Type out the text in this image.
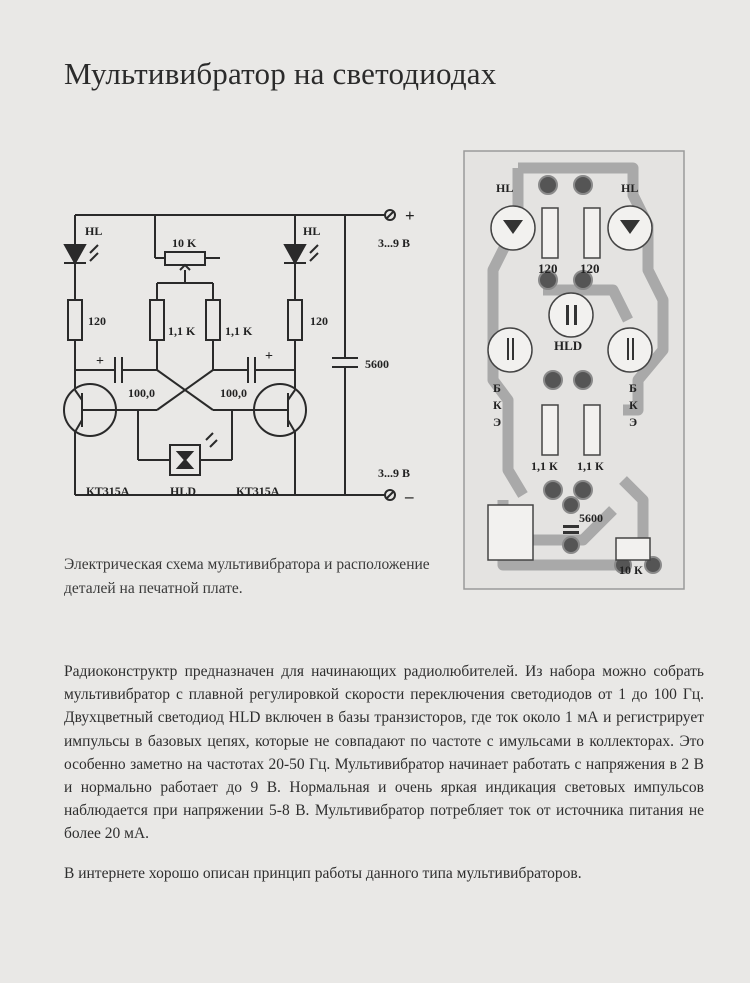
Мультивибратор на светодиодах
HL	HL
10 K
120	120
1,1 K 1,1 K
+	+
100,0	100,0
5600
+
–
3...9 В
3...9 В
КТ315А	HLD	КТ315А
HL	HL
120 120
HLD
Б
К
Э
Б
К
Э
1,1 К 1,1 К
5600
10 К
Электрическая схема мультивибратора и расположение деталей на печатной плате.

Радиоконструктр предназначен для начинающих радиолюбителей. Из набора можно собрать мультивибратор с плавной регулировкой скорости переключения светодиодов от 1 до 100 Гц. Двухцветный светодиод HLD включен в базы транзисторов, где ток около 1 мА и регистрирует импульсы в базовых цепях, которые не совпадают по частоте с имульсами в коллекторах. Это особенно заметно на частотах 20-50 Гц. Мультивибратор начинает работать с напряжения в 2 В и нормально работает до 9 В. Нормальная и очень яркая индикация световых импульсов наблюдается при напряжении 5-8 В. Мультивибратор потребляет ток от источника питания не более 20 мА.

В интернете хорошо описан принцип работы данного типа мультивибраторов.
